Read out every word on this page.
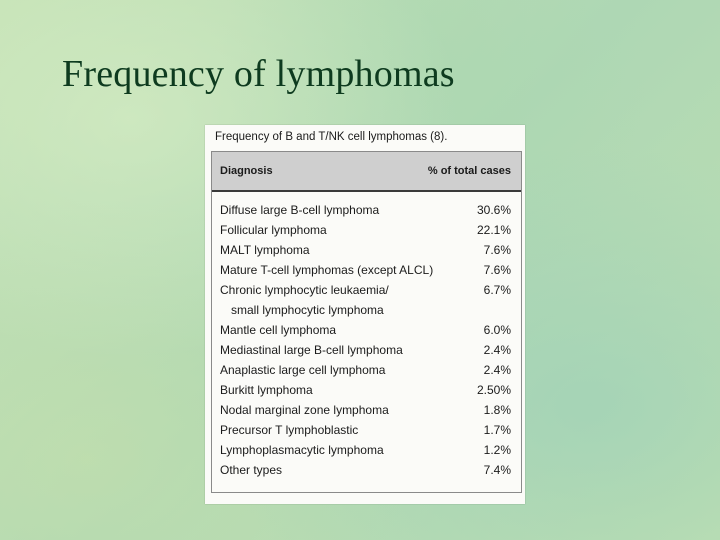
Frequency of lymphomas
Frequency of B and T/NK cell lymphomas (8).
Diagnosis	% of total cases
Diffuse large B-cell lymphoma	30.6%
Follicular lymphoma	22.1%
MALT lymphoma	7.6%
Mature T-cell lymphomas (except ALCL)	7.6%
Chronic lymphocytic leukaemia/	6.7%
small lymphocytic lymphoma
Mantle cell lymphoma	6.0%
Mediastinal large B-cell lymphoma	2.4%
Anaplastic large cell lymphoma	2.4%
Burkitt lymphoma	2.50%
Nodal marginal zone lymphoma	1.8%
Precursor T lymphoblastic	1.7%
Lymphoplasmacytic lymphoma	1.2%
Other types	7.4%
